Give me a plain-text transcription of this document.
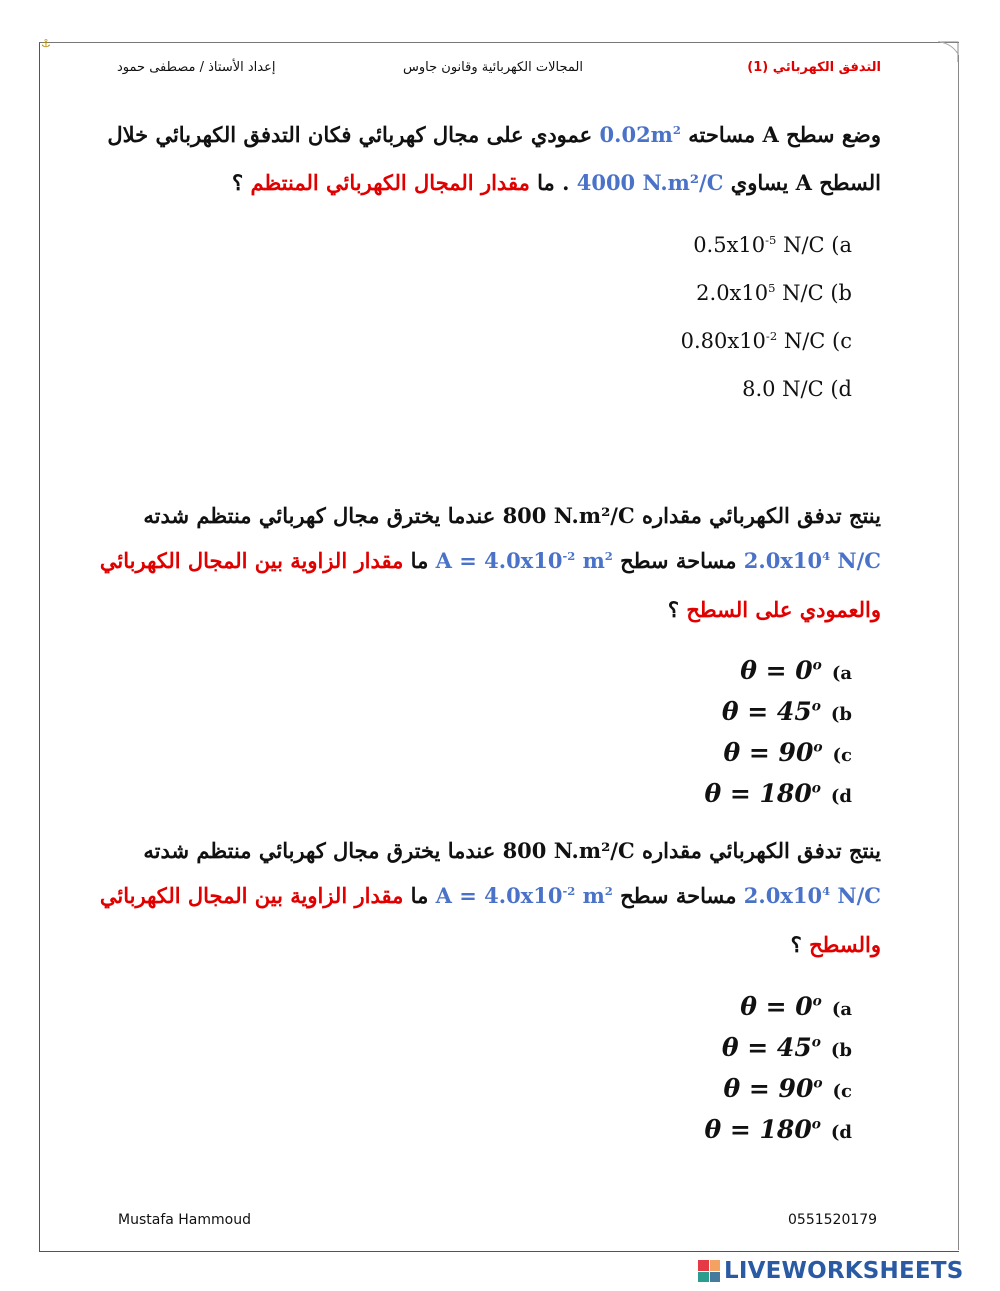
⚓
التدفق الكهربائي (1)
المجالات الكهربائية وقانون جاوس
إعداد الأستاذ / مصطفى حمود
وضع سطح A مساحته $0.02m^2$ عمودي على مجال كهربائي فكان التدفق الكهربائي خلال
السطح A يساوي 4000 N.m²/C . ما مقدار المجال الكهربائي المنتظم ؟
$0.5x10^{-5}$ N/C (a
$2.0x10^5$ N/C (b
$0.80x10^{-2}$ N/C (c
8.0 N/C (d
ينتج تدفق الكهربائي مقداره 800 N.m²/C عندما يخترق مجال كهربائي منتظم شدته
$2.0x10^4$ N/C مساحة سطح $A = 4.0x10^{-2}$ $m^2$ ما مقدار الزاوية بين المجال الكهربائي
والعمودي على السطح ؟
$\theta = 0^o$ (a
$\theta = 45^o$ (b
$\theta = 90^o$ (c
$\theta = 180^o$ (d
ينتج تدفق الكهربائي مقداره 800 N.m²/C عندما يخترق مجال كهربائي منتظم شدته
$2.0x10^4$ N/C مساحة سطح $A = 4.0x10^{-2}$ $m^2$ ما مقدار الزاوية بين المجال الكهربائي
والسطح ؟
$\theta = 0^o$ (a
$\theta = 45^o$ (b
$\theta = 90^o$ (c
$\theta = 180^o$ (d
Mustafa Hammoud	0551520179
LIVEWORKSHEETS
